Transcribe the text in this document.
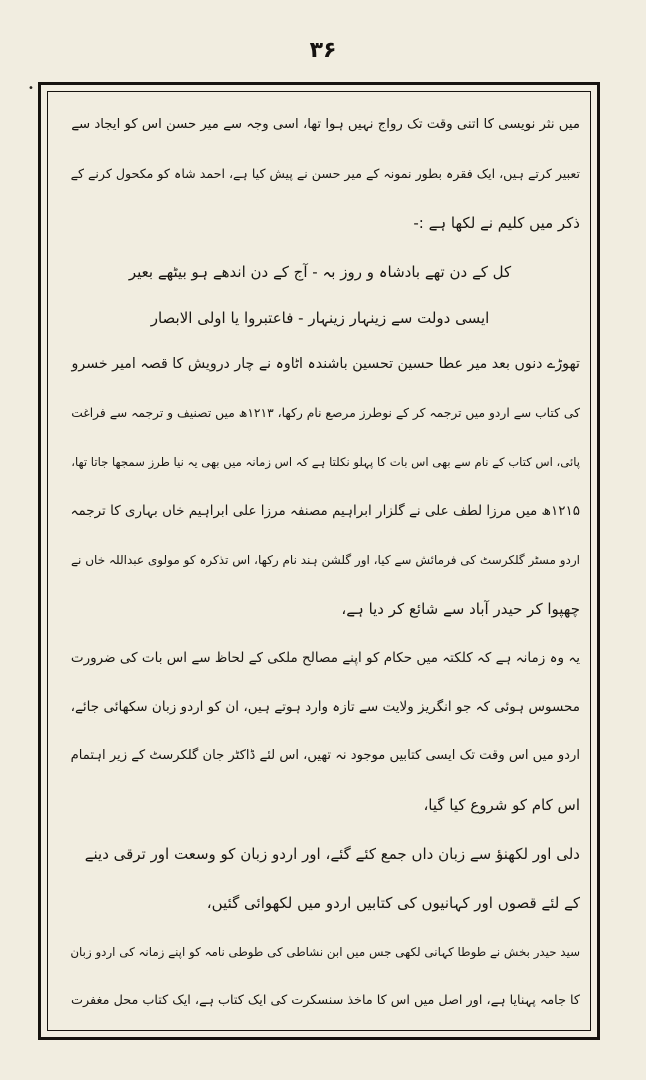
۳۶
•
میں نثر نویسی کا اتنی وقت تک رواج نہیں ہوا تھا، اسی وجہ سے میر حسن اس کو ایجاد سے
تعبیر کرتے ہیں، ایک فقرہ بطور نمونہ کے میر حسن نے پیش کیا ہے، احمد شاہ کو مکحول کرنے کے
ذکر میں کلیم نے لکھا ہے :-
کل کے دن تھے بادشاہ و روز بہ - آج کے دن اندھے ہو بیٹھے بعیر
ایسی دولت سے زینہار زینہار - فاعتبروا یا اولی الابصار
تھوڑے دنوں بعد میر عطا حسین تحسین باشندہ اٹاوہ نے چار درویش کا قصہ امیر خسرو
کی کتاب سے اردو میں ترجمہ کر کے نوطرز مرصع نام رکھا، ۱۲۱۳ھ میں تصنیف و ترجمہ سے فراغت
پائی، اس کتاب کے نام سے بھی اس بات کا پہلو نکلتا ہے کہ اس زمانہ میں بھی یہ نیا طرز سمجھا جاتا تھا،
۱۲۱۵ھ میں مرزا لطف علی نے گلزار ابراہیم مصنفہ مرزا علی ابراہیم خاں بہاری کا ترجمہ
اردو مسٹر گلکرسٹ کی فرمائش سے کیا، اور گلشن ہند نام رکھا، اس تذکرہ کو مولوی عبداللہ خاں نے
چھپوا کر حیدر آباد سے شائع کر دیا ہے،
یہ وہ زمانہ ہے کہ کلکتہ میں حکام کو اپنے مصالح ملکی کے لحاظ سے اس بات کی ضرورت
محسوس ہوئی کہ جو انگریز ولایت سے تازہ وارد ہوتے ہیں، ان کو اردو زبان سکھائی جائے،
اردو میں اس وقت تک ایسی کتابیں موجود نہ تھیں، اس لئے ڈاکٹر جان گلکرسٹ کے زیر اہتمام
اس کام کو شروع کیا گیا،
دلی اور لکھنؤ سے زبان داں جمع کئے گئے، اور اردو زبان کو وسعت اور ترقی دینے
کے لئے قصوں اور کہانیوں کی کتابیں اردو میں لکھوائی گئیں،
سید حیدر بخش نے طوطا کہانی لکھی جس میں ابن نشاطی کی طوطی نامہ کو اپنے زمانہ کی اردو زبان
کا جامہ پہنایا ہے، اور اصل میں اس کا ماخذ سنسکرت کی ایک کتاب ہے، ایک کتاب محل مغفرت
